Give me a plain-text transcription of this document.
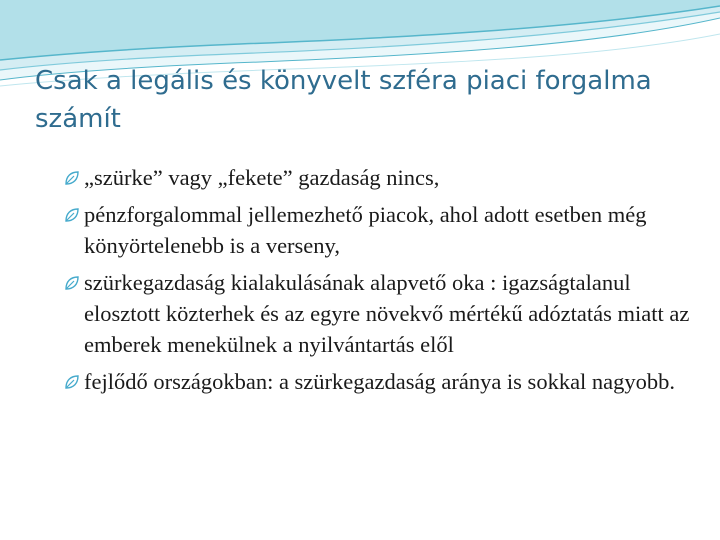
Csak a legális és könyvelt szféra piaci forgalma számít
„szürke” vagy „fekete” gazdaság nincs,
pénzforgalommal jellemezhető piacok, ahol adott esetben még könyörtelenebb is a verseny,
szürkegazdaság kialakulásának alapvető oka : igazságtalanul elosztott közterhek és az egyre növekvő mértékű adóztatás miatt az emberek menekülnek a nyilvántartás elől
fejlődő országokban: a szürkegazdaság aránya is sokkal nagyobb.
